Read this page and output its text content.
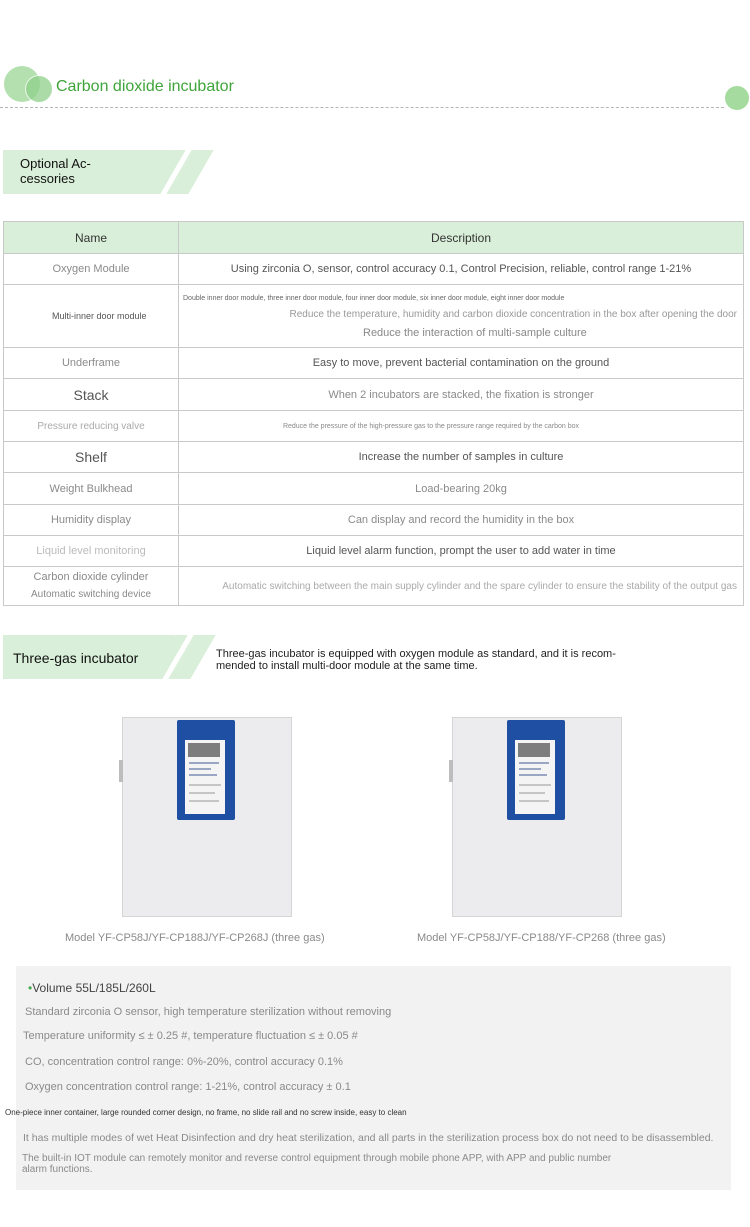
Carbon dioxide incubator
Optional Ac-
cessories
Name	Description
Oxygen Module	Using zirconia O, sensor, control accuracy 0.1, Control Precision, reliable, control range 1-21%
Multi-inner door module	Double inner door module, three inner door module, four inner door module, six inner door module, eight inner door module
Reduce the temperature, humidity and carbon dioxide concentration in the box after opening the door
Reduce the interaction of multi-sample culture

Underframe	Easy to move, prevent bacterial contamination on the ground
Stack	When 2 incubators are stacked, the fixation is stronger
Pressure reducing valve	Reduce the pressure of the high-pressure gas to the pressure range required by the carbon box
Shelf	Increase the number of samples in culture
Weight Bulkhead	Load-bearing 20kg
Humidity display	Can display and record the humidity in the box
Liquid level monitoring	Liquid level alarm function, prompt the user to add water in time

Carbon dioxide cylinder
Automatic switching device	Automatic switching between the main supply cylinder and the spare cylinder to ensure the stability of the output gas
Three-gas incubator	Three-gas incubator is equipped with oxygen module as standard, and it is recom- mended to install multi-door module at the same time.
Model YF-CP58J/YF-CP188J/YF-CP268J (three gas)	Model YF-CP58J/YF-CP188/YF-CP268 (three gas)
•Volume 55L/185L/260L
Standard zirconia O sensor, high temperature sterilization without removing
Temperature uniformity ≤ ± 0.25 #, temperature fluctuation ≤ ± 0.05 #
CO, concentration control range: 0%-20%, control accuracy 0.1%
Oxygen concentration control range: 1-21%, control accuracy ± 0.1
One-piece inner container, large rounded corner design, no frame, no slide rail and no screw inside, easy to clean
It has multiple modes of wet Heat Disinfection and dry heat sterilization, and all parts in the sterilization process box do not need to be disassembled.
The built-in IOT module can remotely monitor and reverse control equipment through mobile phone APP, with APP and public number alarm functions.
